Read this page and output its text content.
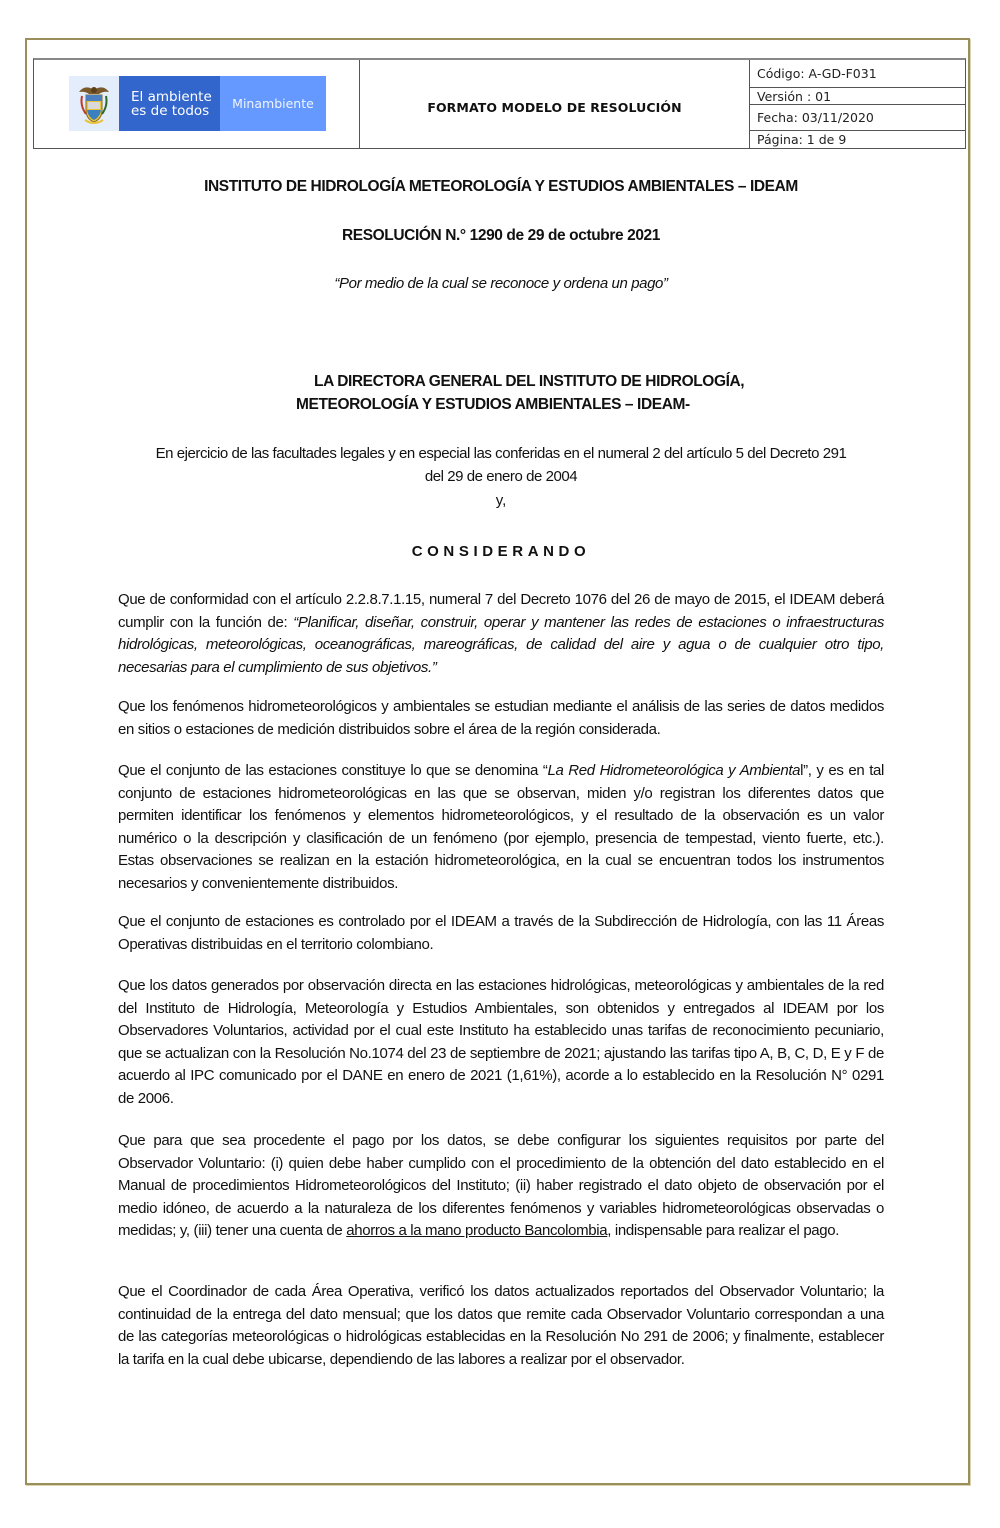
El ambiente
es de todos	Minambiente	FORMATO MODELO DE RESOLUCIÓN
Código: A-GD-F031
Versión : 01
Fecha: 03/11/2020
Página: 1 de 9
INSTITUTO DE HIDROLOGÍA METEOROLOGÍA Y ESTUDIOS AMBIENTALES – IDEAM
RESOLUCIÓN N.° 1290 de 29 de octubre 2021
“Por medio de la cual se reconoce y ordena un pago”
LA DIRECTORA GENERAL DEL INSTITUTO DE HIDROLOGÍA,
METEOROLOGÍA Y ESTUDIOS AMBIENTALES – IDEAM-
En ejercicio de las facultades legales y en especial las conferidas en el numeral 2 del artículo 5 del Decreto 291
del 29 de enero de 2004
y,
CONSIDERANDO
Que de conformidad con el artículo 2.2.8.7.1.15, numeral 7 del Decreto 1076 del 26 de mayo de 2015, el IDEAM deberá cumplir con la función de: “Planificar, diseñar, construir, operar y mantener las redes de estaciones o infraestructuras hidrológicas, meteorológicas, oceanográficas, mareográficas, de calidad del aire y agua o de cualquier otro tipo, necesarias para el cumplimiento de sus objetivos.”
Que los fenómenos hidrometeorológicos y ambientales se estudian mediante el análisis de las series de datos medidos en sitios o estaciones de medición distribuidos sobre el área de la región considerada.
Que el conjunto de las estaciones constituye lo que se denomina “La Red Hidrometeorológica y Ambiental”, y es en tal conjunto de estaciones hidrometeorológicas en las que se observan, miden y/o registran los diferentes datos que permiten identificar los fenómenos y elementos hidrometeorológicos, y el resultado de la observación es un valor numérico o la descripción y clasificación de un fenómeno (por ejemplo, presencia de tempestad, viento fuerte, etc.). Estas observaciones se realizan en la estación hidrometeorológica, en la cual se encuentran todos los instrumentos necesarios y convenientemente distribuidos.
Que el conjunto de estaciones es controlado por el IDEAM a través de la Subdirección de Hidrología, con las 11 Áreas Operativas distribuidas en el territorio colombiano.
Que los datos generados por observación directa en las estaciones hidrológicas, meteorológicas y ambientales de la red del Instituto de Hidrología, Meteorología y Estudios Ambientales, son obtenidos y entregados al IDEAM por los Observadores Voluntarios, actividad por el cual este Instituto ha establecido unas tarifas de reconocimiento pecuniario, que se actualizan con la Resolución No.1074 del 23 de septiembre de 2021; ajustando las tarifas tipo A, B, C, D, E y F de acuerdo al IPC comunicado por el DANE en enero de 2021 (1,61%), acorde a lo establecido en la Resolución N° 0291 de 2006.
Que para que sea procedente el pago por los datos, se debe configurar los siguientes requisitos por parte del Observador Voluntario: (i) quien debe haber cumplido con el procedimiento de la obtención del dato establecido en el Manual de procedimientos Hidrometeorológicos del Instituto; (ii) haber registrado el dato objeto de observación por el medio idóneo, de acuerdo a la naturaleza de los diferentes fenómenos y variables hidrometeorológicas observadas o medidas; y, (iii) tener una cuenta de ahorros a la mano producto Bancolombia, indispensable para realizar el pago.
Que el Coordinador de cada Área Operativa, verificó los datos actualizados reportados del Observador Voluntario; la continuidad de la entrega del dato mensual; que los datos que remite cada Observador Voluntario correspondan a una de las categorías meteorológicas o hidrológicas establecidas en la Resolución No 291 de 2006; y finalmente, establecer la tarifa en la cual debe ubicarse, dependiendo de las labores a realizar por el observador.
